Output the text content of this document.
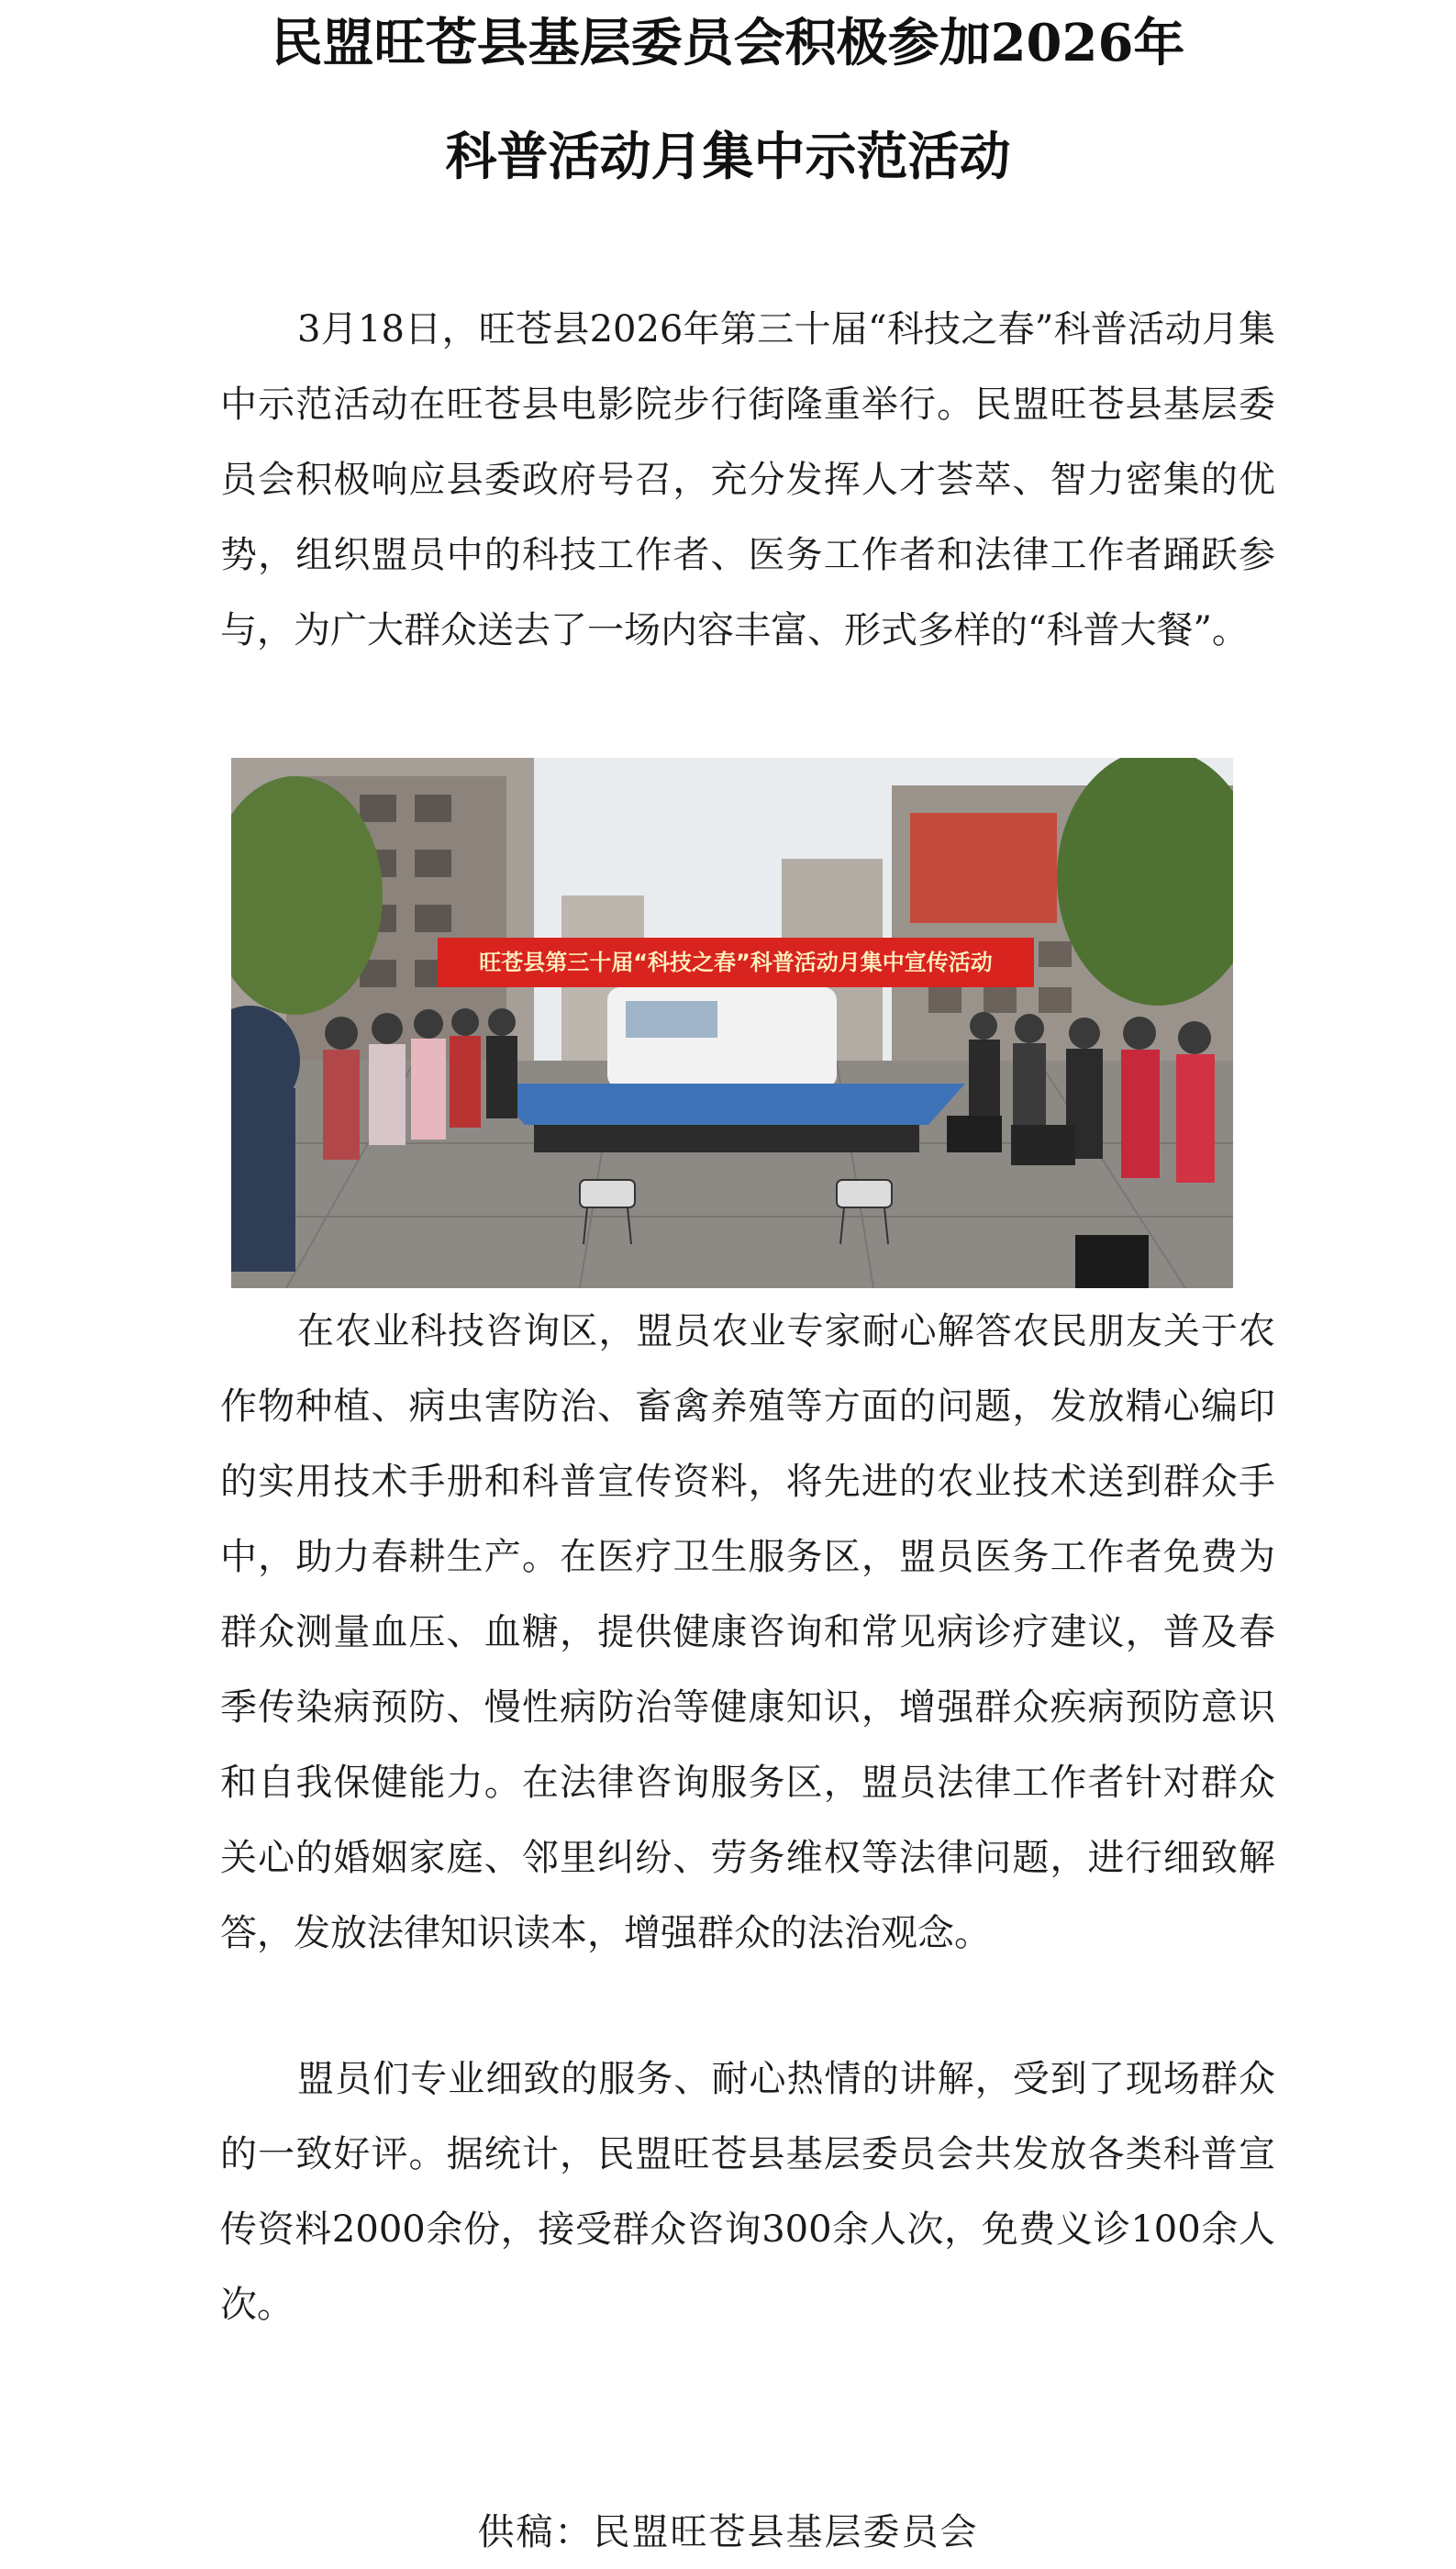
民盟旺苍县基层委员会积极参加2026年
科普活动月集中示范活动

3月18日，旺苍县2026年第三十届“科技之春”科普活动月集中示范活动在旺苍县电影院步行街隆重举行。民盟旺苍县基层委员会积极响应县委政府号召，充分发挥人才荟萃、智力密集的优势，组织盟员中的科技工作者、医务工作者和法律工作者踊跃参与，为广大群众送去了一场内容丰富、形式多样的“科普大餐”。

旺苍县第三十届“科技之春”科普活动月集中宣传活动

在农业科技咨询区，盟员农业专家耐心解答农民朋友关于农作物种植、病虫害防治、畜禽养殖等方面的问题，发放精心编印的实用技术手册和科普宣传资料，将先进的农业技术送到群众手中，助力春耕生产。在医疗卫生服务区，盟员医务工作者免费为群众测量血压、血糖，提供健康咨询和常见病诊疗建议，普及春季传染病预防、慢性病防治等健康知识，增强群众疾病预防意识和自我保健能力。在法律咨询服务区，盟员法律工作者针对群众关心的婚姻家庭、邻里纠纷、劳务维权等法律问题，进行细致解答，发放法律知识读本，增强群众的法治观念。

盟员们专业细致的服务、耐心热情的讲解，受到了现场群众的一致好评。据统计，民盟旺苍县基层委员会共发放各类科普宣传资料2000余份，接受群众咨询300余人次，免费义诊100余人次。

供稿：民盟旺苍县基层委员会
